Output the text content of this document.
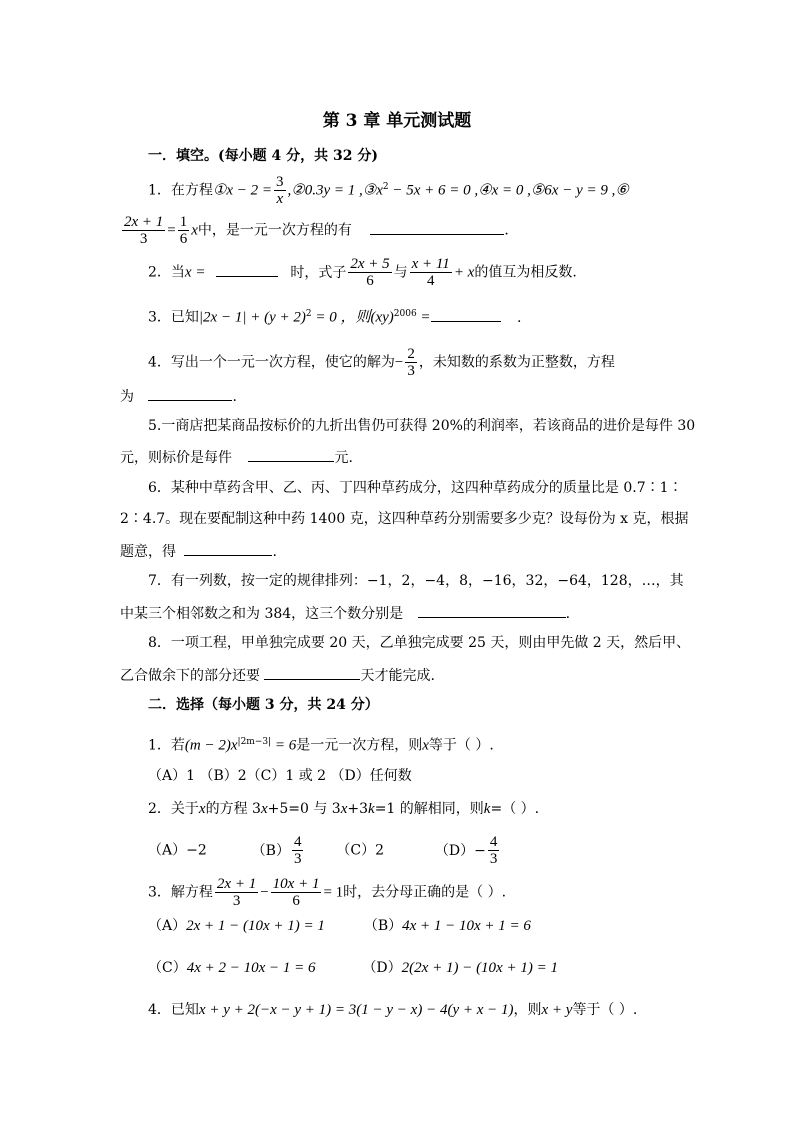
第 3 章 单元测试题
一．填空。(每小题 4 分，共 32 分)
1．在方程①x − $2 = \frac{3}{x}$ ,②0.3y = 1 $,③x^2 - 5x + 6 = 0$ ,④x = 0 ,⑤6x − y = 9 ,⑥
$\frac{2x + 1}{3} = \frac{1}{6}$ x中，是一元一次方程的有	.
2．当x =	时，式子 $\frac{2x + 5}{6}$ 与 $\frac{x + 11}{4} + x$的值互为相反数.
3．已知$|2x - 1| + (y + 2)^2 = 0$ ，则(xy)$^{2006}$ =	.
4．写出一个一元一次方程，使它的解为− $\frac{2}{3}$ ，未知数的系数为正整数，方程
为	.
5.一商店把某商品按标价的九折出售仍可获得 20%的利润率，若该商品的进价是每件 30
元，则标价是每件	元.
6．某种中草药含甲、乙、丙、丁四种草药成分，这四种草药成分的质量比是 0.7∶1∶
2∶4.7。现在要配制这种中药 1400 克，这四种草药分别需要多少克？设每份为 x 克，根据
题意，得	.
7．有一列数，按一定的规律排列：−1，2，−4，8，−16，32，−64，128，…，其
中某三个相邻数之和为 384，这三个数分别是	.
8．一项工程，甲单独完成要 20 天，乙单独完成要 25 天，则由甲先做 2 天，然后甲、
乙合做余下的部分还要	天才能完成.
二．选择（每小题 3 分，共 24 分）
1．若$(m - 2)x^{|2m-3|} = 6$是一元一次方程，则x等于（ ）.
（A）1 （B）2（C）1 或 2 （D）任何数
2．关于x的方程 3x+5=0 与 3x+3k=1 的解相同，则k=（ ）.
（A）−2	$(B) \frac{4}{3} (C)2$	$(D)- \frac{4}{3}$
3．解方程 $\frac{2x + 1}{3} - \frac{10x + 1}{6} = 1$时，去分母正确的是（ ）.
（A）2x + 1 − (10x + 1) = 1	（B）4x + 1 − 10x + 1 = 6
（C）4x + 2 − 10x − 1 = 6	（D）2(2x + 1) − (10x + 1) = 1
4．已知x + y + 2(−x − y + 1) = 3(1 − y − x) − 4(y + x − 1)，则x + y等于（ ）.
